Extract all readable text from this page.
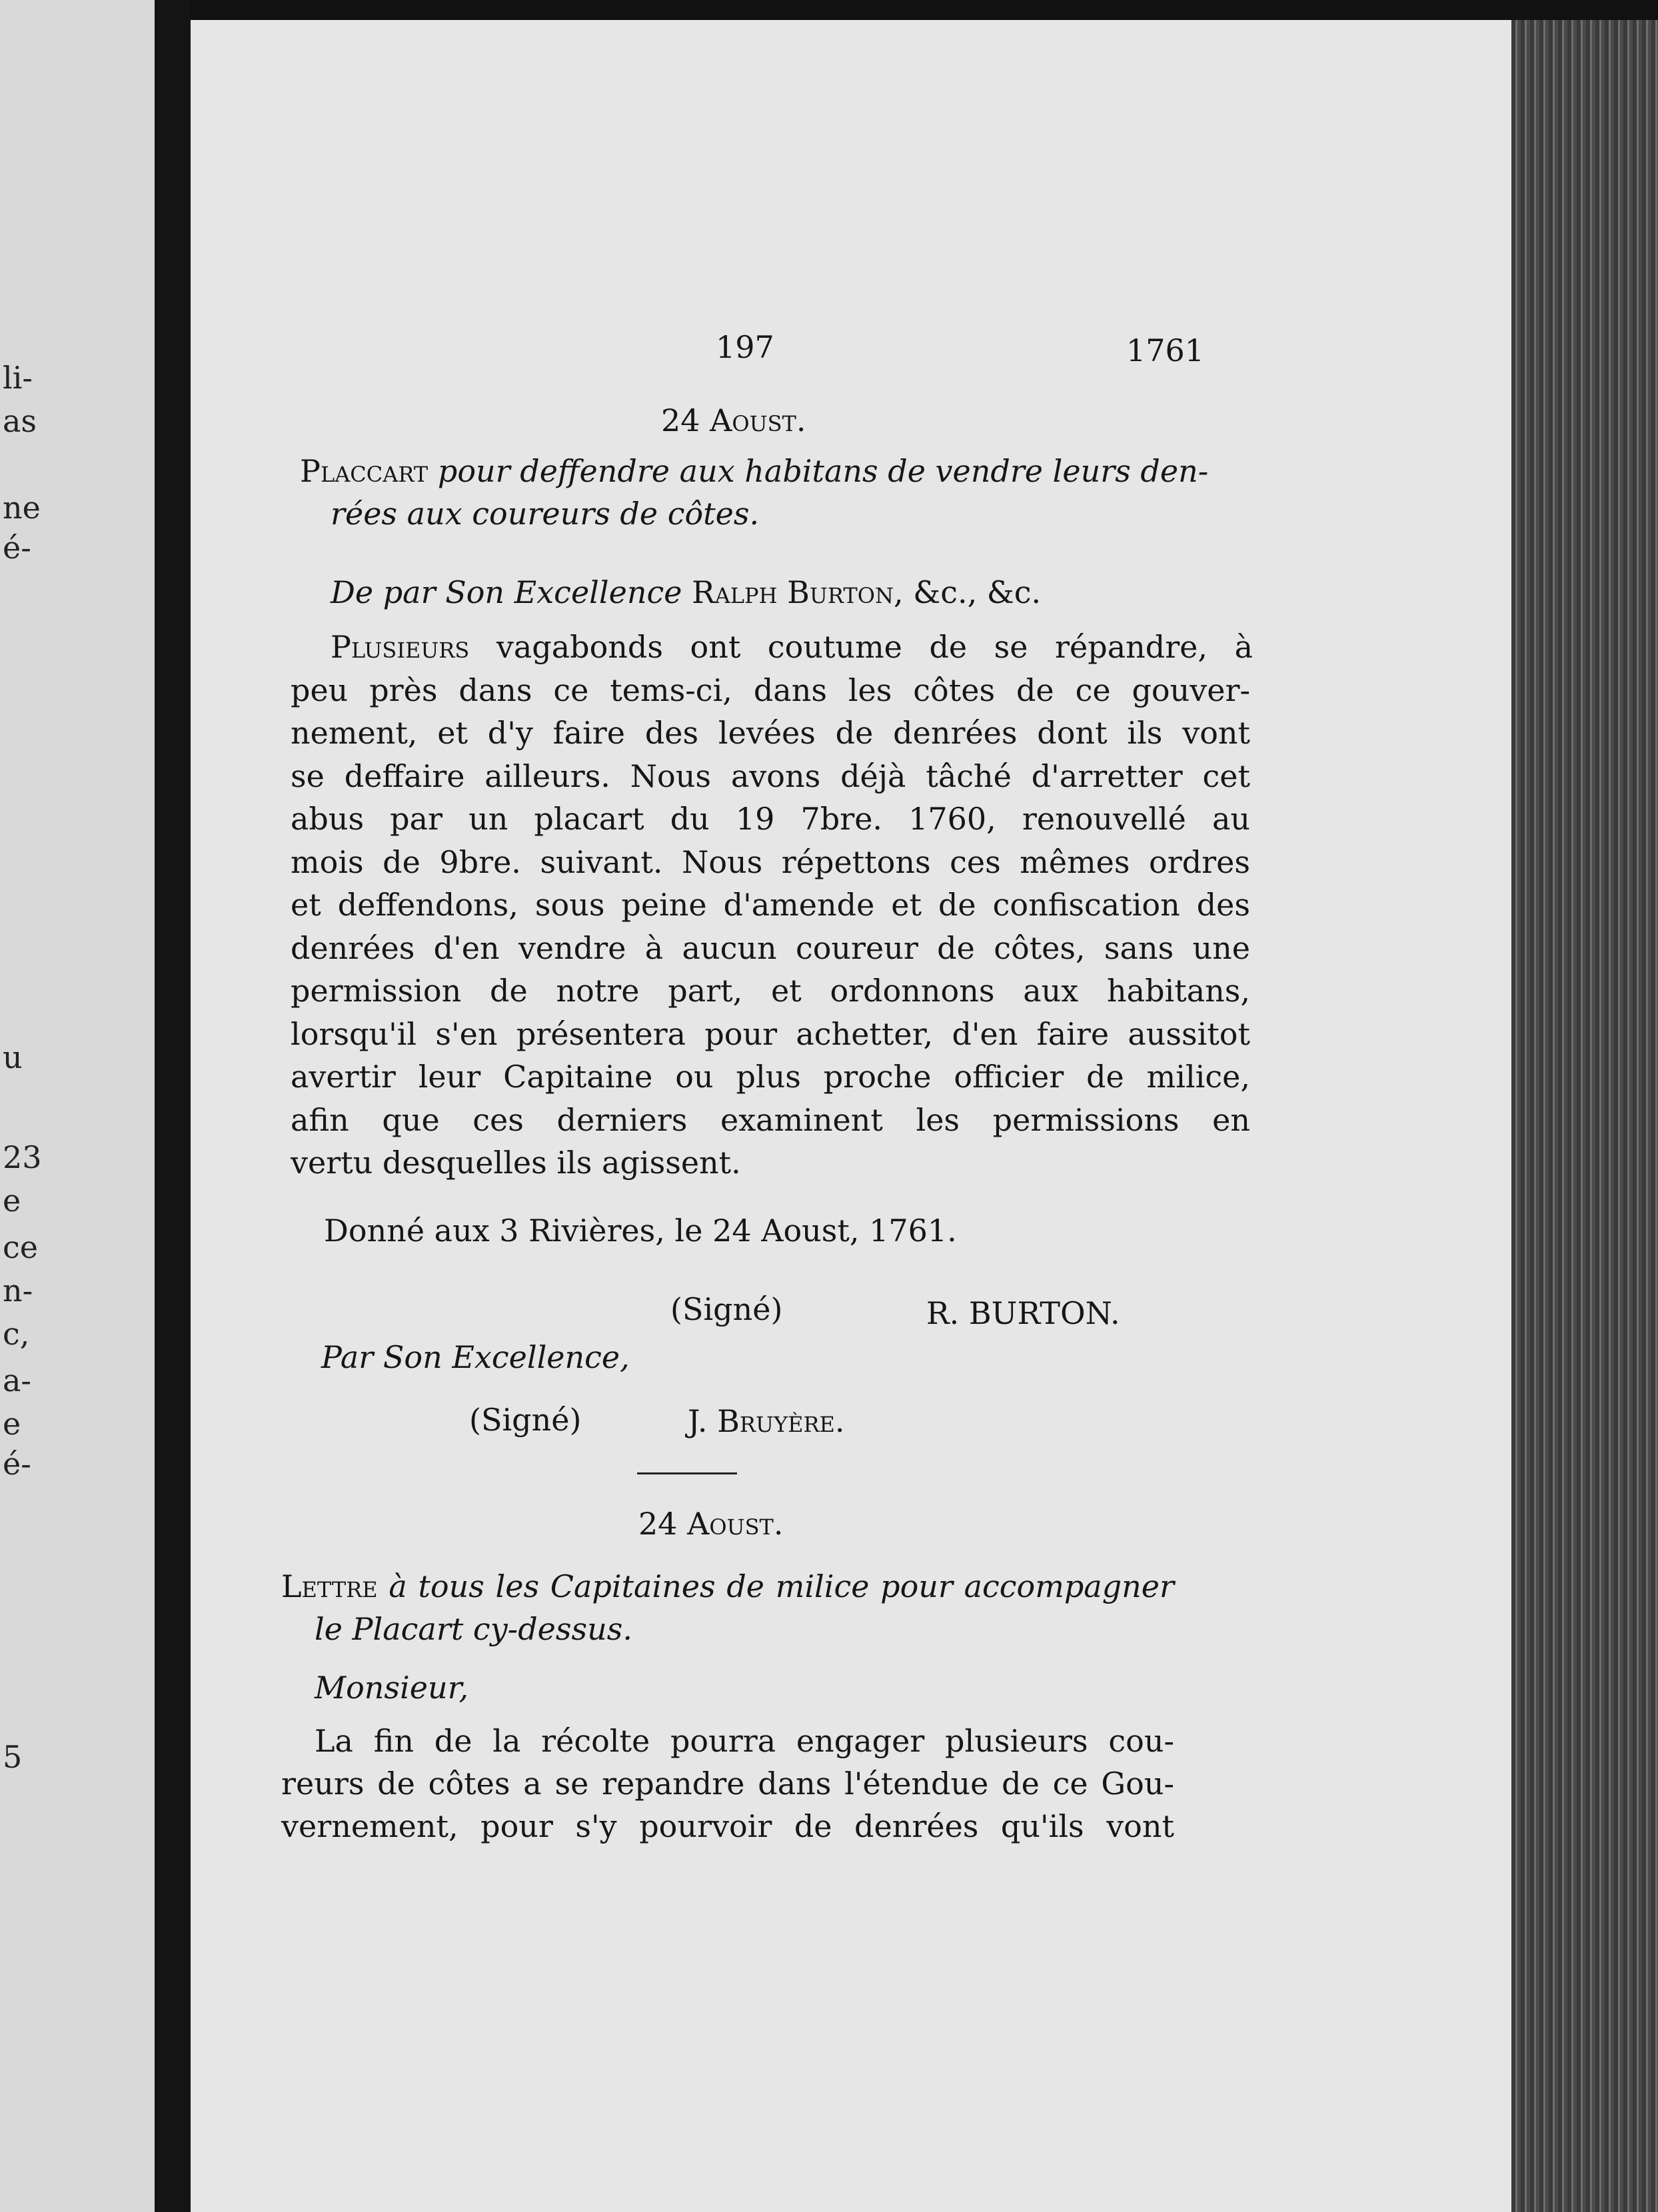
li-
as
ne
é-
u
23
e
ce
n-
c,
a-
e
é-
5
197	1761
24 Aoust.
Placcart pour deffendre aux habitans de vendre leurs den-
rées aux coureurs de côtes.
De par Son Excellence Ralph Burton, &c., &c.
Plusieurs vagabonds ont coutume de se répandre, à
peu près dans ce tems-ci, dans les côtes de ce gouver-
nement, et d'y faire des levées de denrées dont ils vont
se deffaire ailleurs. Nous avons déjà tâché d'arretter cet
abus par un placart du 19 7bre. 1760, renouvellé au
mois de 9bre. suivant. Nous répettons ces mêmes ordres
et deffendons, sous peine d'amende et de confiscation des
denrées d'en vendre à aucun coureur de côtes, sans une
permission de notre part, et ordonnons aux habitans,
lorsqu'il s'en présentera pour achetter, d'en faire aussitot
avertir leur Capitaine ou plus proche officier de milice,
afin que ces derniers examinent les permissions en
vertu desquelles ils agissent.
Donné aux 3 Rivières, le 24 Aoust, 1761.
(Signé)	R. BURTON.
Par Son Excellence,
(Signé)	J. Bruyère.
24 Aoust.
Lettre à tous les Capitaines de milice pour accompagner
le Placart cy-dessus.
Monsieur,
La fin de la récolte pourra engager plusieurs cou-
reurs de côtes a se repandre dans l'étendue de ce Gou-
vernement, pour s'y pourvoir de denrées qu'ils vont
